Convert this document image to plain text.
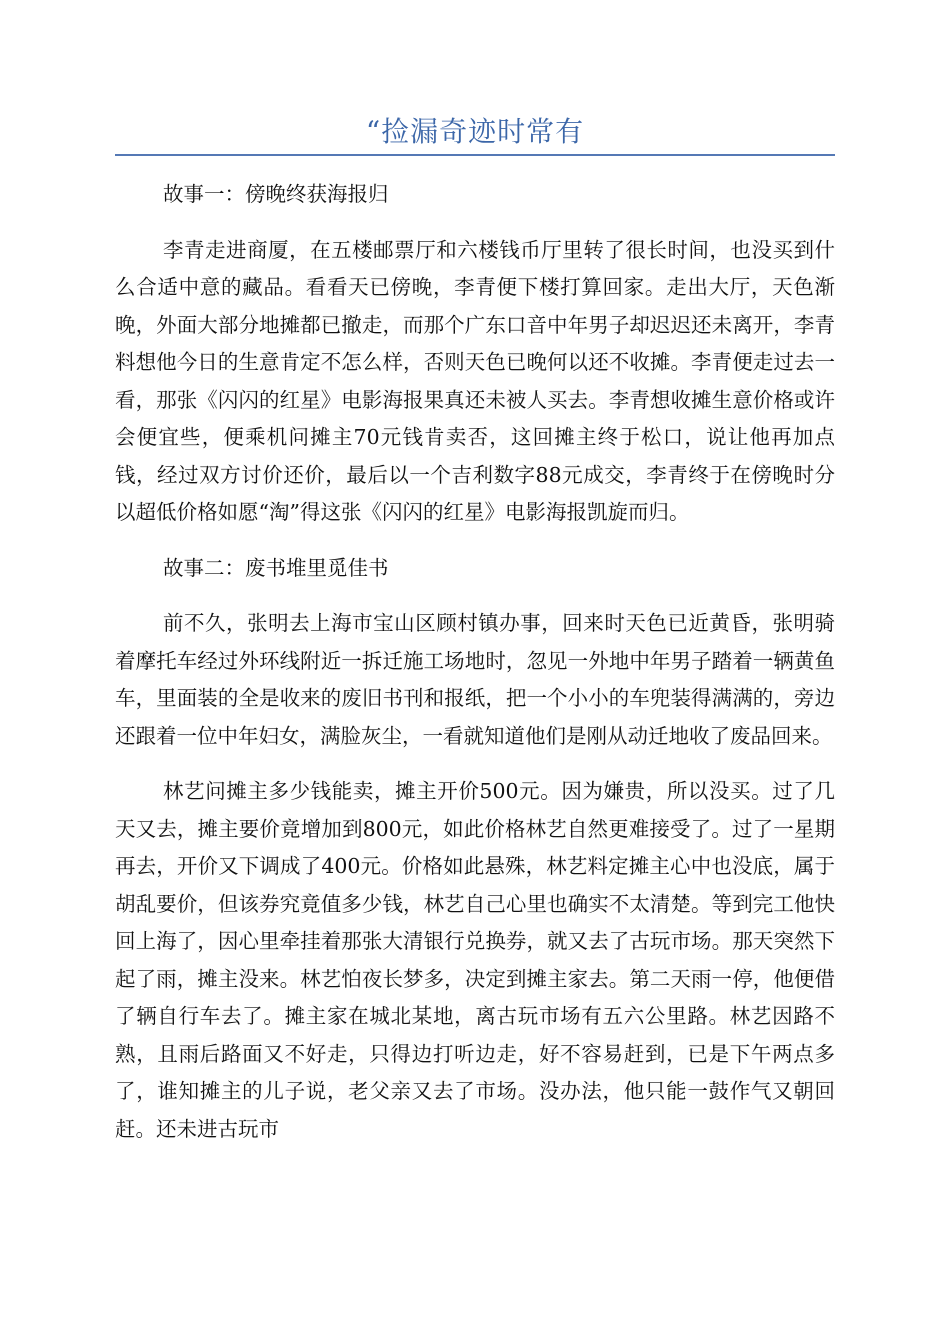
“捡漏奇迹时常有

故事一：傍晚终获海报归

李青走进商厦，在五楼邮票厅和六楼钱币厅里转了很长时间，也没买到什么合适中意的藏品。看看天已傍晚，李青便下楼打算回家。走出大厅，天色渐晚，外面大部分地摊都已撤走，而那个广东口音中年男子却迟迟还未离开，李青料想他今日的生意肯定不怎么样，否则天色已晚何以还不收摊。李青便走过去一看，那张《闪闪的红星》电影海报果真还未被人买去。李青想收摊生意价格或许会便宜些，便乘机问摊主70元钱肯卖否，这回摊主终于松口，说让他再加点钱，经过双方讨价还价，最后以一个吉利数字88元成交，李青终于在傍晚时分以超低价格如愿“淘”得这张《闪闪的红星》电影海报凯旋而归。

故事二：废书堆里觅佳书

前不久，张明去上海市宝山区顾村镇办事，回来时天色已近黄昏，张明骑着摩托车经过外环线附近一拆迁施工场地时，忽见一外地中年男子踏着一辆黄鱼车，里面装的全是收来的废旧书刊和报纸，把一个小小的车兜装得满满的，旁边还跟着一位中年妇女，满脸灰尘，一看就知道他们是刚从动迁地收了废品回来。

林艺问摊主多少钱能卖，摊主开价500元。因为嫌贵，所以没买。过了几天又去，摊主要价竟增加到800元，如此价格林艺自然更难接受了。过了一星期再去，开价又下调成了400元。价格如此悬殊，林艺料定摊主心中也没底，属于胡乱要价，但该券究竟值多少钱，林艺自己心里也确实不太清楚。等到完工他快回上海了，因心里牵挂着那张大清银行兑换券，就又去了古玩市场。那天突然下起了雨，摊主没来。林艺怕夜长梦多，决定到摊主家去。第二天雨一停，他便借了辆自行车去了。摊主家在城北某地，离古玩市场有五六公里路。林艺因路不熟，且雨后路面又不好走，只得边打听边走，好不容易赶到，已是下午两点多了，谁知摊主的儿子说，老父亲又去了市场。没办法，他只能一鼓作气又朝回赶。还未进古玩市
